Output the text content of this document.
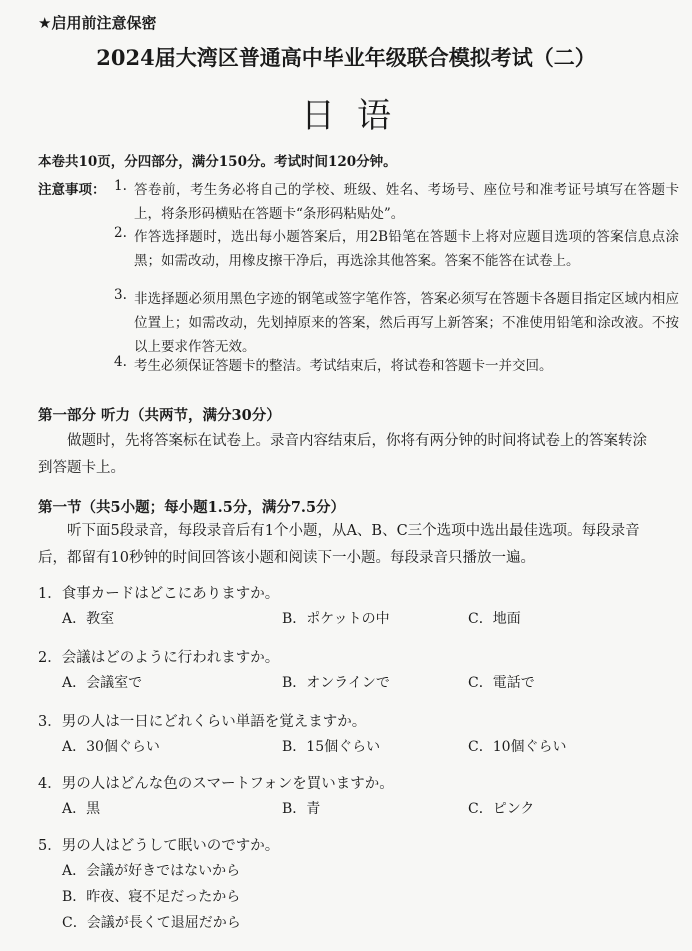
★启用前注意保密
2024届大湾区普通高中毕业年级联合模拟考试（二）
日语
本卷共10页，分四部分，满分150分。考试时间120分钟。
注意事项： 1. 答卷前，考生务必将自己的学校、班级、姓名、考场号、座位号和准考证号填写在答题卡上，将条形码横贴在答题卡“条形码粘贴处”。
2. 作答选择题时，选出每小题答案后，用2B铅笔在答题卡上将对应题目选项的答案信息点涂黑；如需改动，用橡皮擦干净后，再选涂其他答案。答案不能答在试卷上。
3. 非选择题必须用黑色字迹的钢笔或签字笔作答，答案必须写在答题卡各题目指定区域内相应位置上；如需改动，先划掉原来的答案，然后再写上新答案；不准使用铅笔和涂改液。不按以上要求作答无效。
4. 考生必须保证答题卡的整洁。考试结束后，将试卷和答题卡一并交回。
第一部分 听力（共两节，满分30分）
做题时，先将答案标在试卷上。录音内容结束后，你将有两分钟的时间将试卷上的答案转涂到答题卡上。
第一节（共5小题；每小题1.5分，满分7.5分）
听下面5段录音，每段录音后有1个小题，从A、B、C三个选项中选出最佳选项。每段录音后，都留有10秒钟的时间回答该小题和阅读下一小题。每段录音只播放一遍。
1．食事カードはどこにありますか。
A．教室	B．ポケットの中	C．地面
2．会議はどのように行われますか。
A．会議室で	B．オンラインで	C．電話で
3．男の人は一日にどれくらい単語を覚えますか。
A．30個ぐらい	B．15個ぐらい	C．10個ぐらい
4．男の人はどんな色のスマートフォンを買いますか。
A．黒	B．青	C．ピンク
5．男の人はどうして眠いのですか。
A．会議が好きではないから
B．昨夜、寝不足だったから
C．会議が長くて退屈だから
